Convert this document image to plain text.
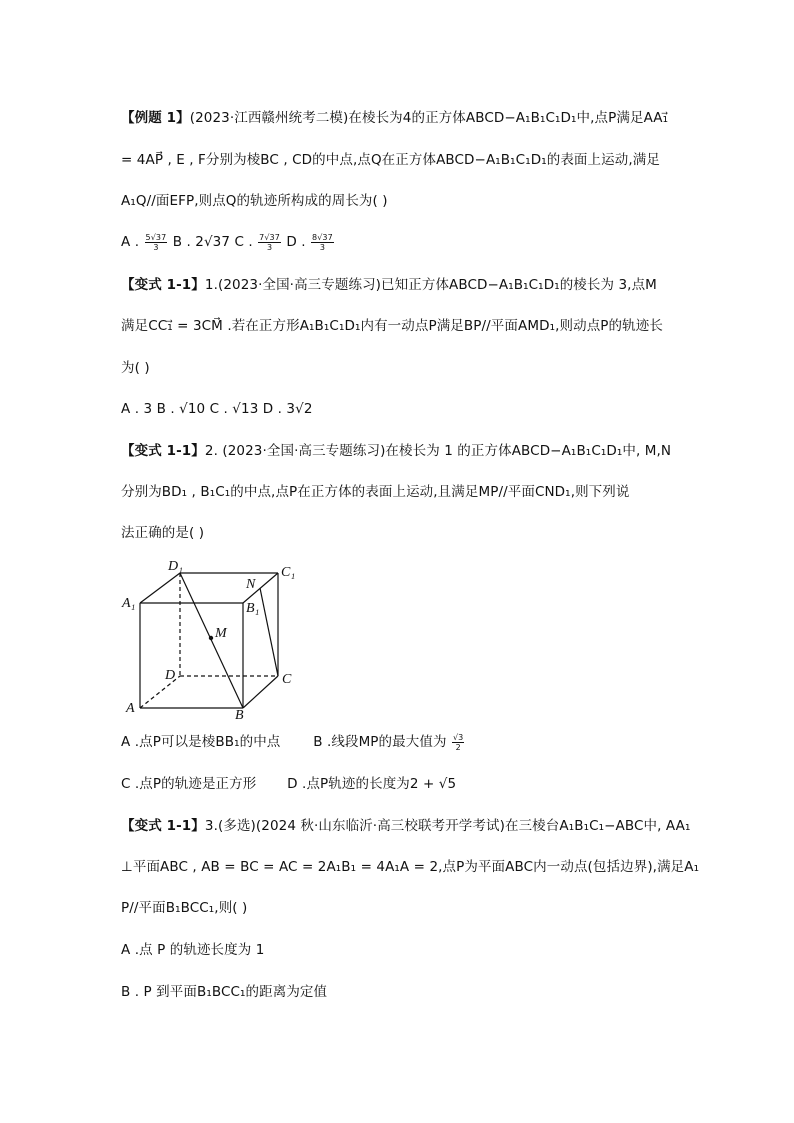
【例题 1】(2023·江西赣州统考二模)在棱长为4的正方体ABCD−A₁B₁C₁D₁中,点P满足AA₁⃗
= 4AP⃗ , E , F分别为棱BC , CD的中点,点Q在正方体ABCD−A₁B₁C₁D₁的表面上运动,满足
A₁Q//面EFP,则点Q的轨迹所构成的周长为( )
A . $\frac{5√37}{3}$ B . 2√37 C . $\frac{7√37}{3}$ D . $\frac{8√37}{3}$
【变式 1-1】1.(2023·全国·高三专题练习)已知正方体ABCD−A₁B₁C₁D₁的棱长为 3,点M
满足CC₁⃗ = 3CM⃗ .若在正方形A₁B₁C₁D₁内有一动点P满足BP//平面AMD₁,则动点P的轨迹长
为( )
A . 3 B . √10 C . √13 D . 3√2
【变式 1-1】2. (2023·全国·高三专题练习)在棱长为 1 的正方体ABCD−A₁B₁C₁D₁中, M,N
分别为BD₁ , B₁C₁的中点,点P在正方体的表面上运动,且满足MP//平面CND₁,则下列说
法正确的是( )
D₁	C₁
A₁
N
B₁
M
D	C
A	B
A .点P可以是棱BB₁的中点 B .线段MP的最大值为 $\frac{√3}{2}$
C .点P的轨迹是正方形 D .点P轨迹的长度为2 + √5
【变式 1-1】3.(多选)(2024 秋·山东临沂·高三校联考开学考试)在三棱台A₁B₁C₁−ABC中, AA₁
⊥平面ABC , AB = BC = AC = 2A₁B₁ = 4A₁A = 2,点P为平面ABC内一动点(包括边界),满足A₁
P//平面B₁BCC₁,则( )
A .点 P 的轨迹长度为 1
B . P 到平面B₁BCC₁的距离为定值
